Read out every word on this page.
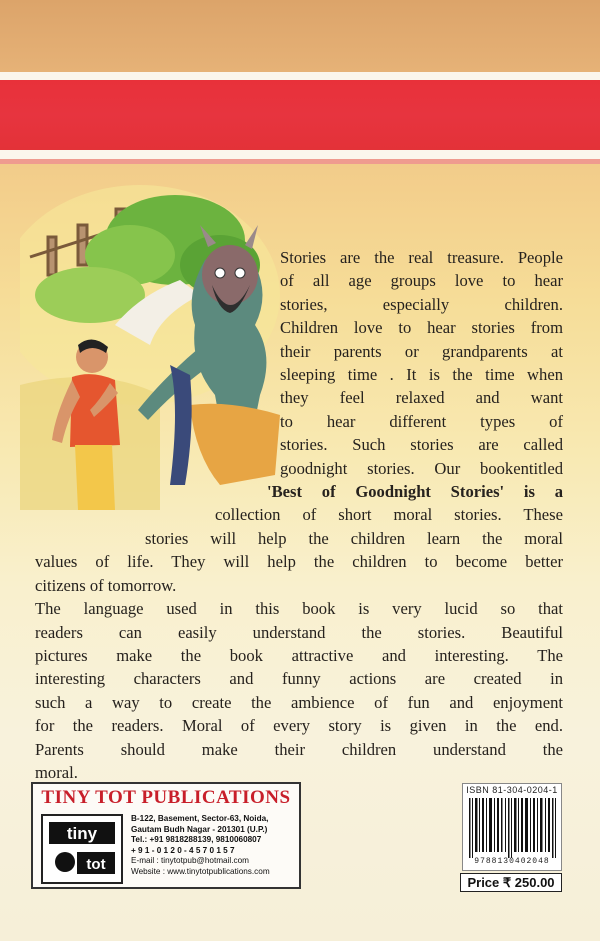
Stories are the real treasure. People
of all age groups love to hear
stories, especially children.
Children love to hear stories from
their parents or grandparents at
sleeping time . It is the time when
they feel relaxed and want
to hear different types of
stories. Such stories are called
goodnight stories. Our bookentitled
'Best of Goodnight Stories' is a
collection of short moral stories. These
stories will help the children learn the moral
values of life. They will help the children to become better
citizens of tomorrow.
The language used in this book is very lucid so that
readers can easily understand the stories. Beautiful
pictures make the book attractive and interesting. The
interesting characters and funny actions are created in
such a way to create the ambience of fun and enjoyment
for the readers. Moral of every story is given in the end.
Parents should make their children understand the
moral.
TINY TOT PUBLICATIONS
tiny
tot
B-122, Basement, Sector-63, Noida,
Gautam Budh Nagar - 201301 (U.P.)
Tel.: +91 9818288139, 9810060807
+ 9 1 - 0 1 2 0 - 4 5 7 0 1 5 7
E-mail : tinytotpub@hotmail.com
Website : www.tinytotpublications.com
ISBN 81-304-0204-1
9788130402048
Price ₹ 250.00
